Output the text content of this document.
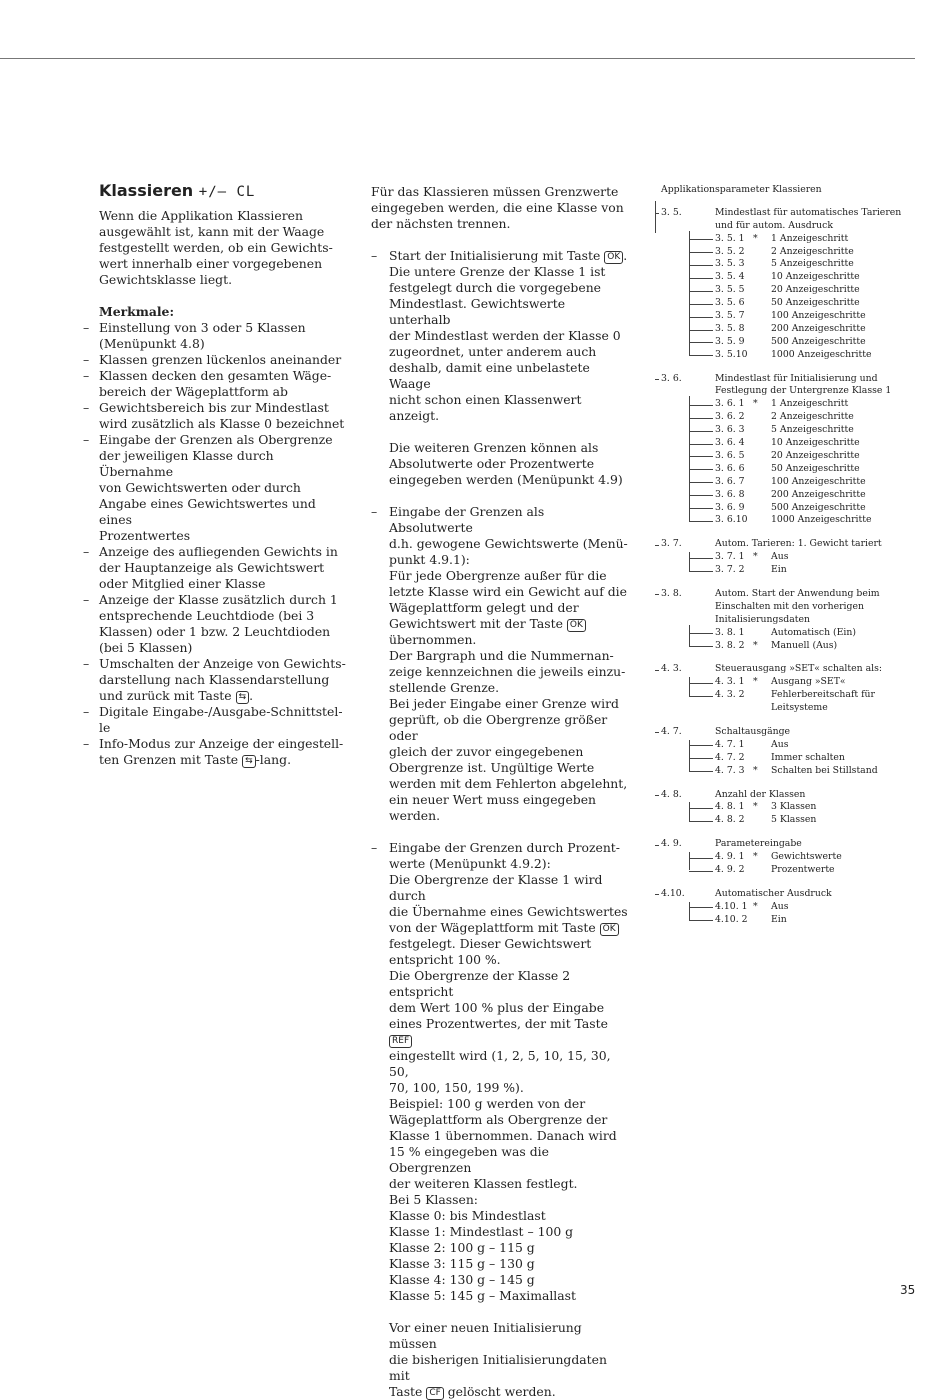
Klassieren +∕– CL
Wenn die Applikation Klassieren
ausgewählt ist, kann mit der Waage
festgestellt werden, ob ein Gewichts-
wert innerhalb einer vorgegebenen
Gewichtsklasse liegt.
Merkmale:
– Einstellung von 3 oder 5 Klassen
(Menüpunkt 4.8)
– Klassen grenzen lückenlos aneinander
– Klassen decken den gesamten Wäge-
bereich der Wägeplattform ab
– Gewichtsbereich bis zur Mindestlast
wird zusätzlich als Klasse 0 bezeichnet
– Eingabe der Grenzen als Obergrenze
der jeweiligen Klasse durch Übernahme
von Gewichtswerten oder durch
Angabe eines Gewichtswertes und eines
Prozentwertes
– Anzeige des aufliegenden Gewichts in
der Hauptanzeige als Gewichtswert
oder Mitglied einer Klasse
– Anzeige der Klasse zusätzlich durch 1
entsprechende Leuchtdiode (bei 3
Klassen) oder 1 bzw. 2 Leuchtdioden
(bei 5 Klassen)
– Umschalten der Anzeige von Gewichts-
darstellung nach Klassendarstellung
und zurück mit Taste ⇆ .
– Digitale Eingabe-/Ausgabe-Schnittstel-
le
– Info-Modus zur Anzeige der eingestell-
ten Grenzen mit Taste ⇆ -lang.
Für das Klassieren müssen Grenzwerte
eingegeben werden, die eine Klasse von
der nächsten trennen.
– Start der Initialisierung mit Taste OK .
Die untere Grenze der Klasse 1 ist
festgelegt durch die vorgegebene
Mindestlast. Gewichtswerte unterhalb
der Mindestlast werden der Klasse 0
zugeordnet, unter anderem auch
deshalb, damit eine unbelastete Waage
nicht schon einen Klassenwert anzeigt.
Die weiteren Grenzen können als
Absolutwerte oder Prozentwerte
eingegeben werden (Menüpunkt 4.9)
– Eingabe der Grenzen als Absolutwerte
d.h. gewogene Gewichtswerte (Menü-
punkt 4.9.1):
Für jede Obergrenze außer für die
letzte Klasse wird ein Gewicht auf die
Wägeplattform gelegt und der
Gewichtswert mit der Taste OK
übernommen.
Der Bargraph und die Nummernan-
zeige kennzeichnen die jeweils einzu-
stellende Grenze.
Bei jeder Eingabe einer Grenze wird
geprüft, ob die Obergrenze größer oder
gleich der zuvor eingegebenen
Obergrenze ist. Ungültige Werte
werden mit dem Fehlerton abgelehnt,
ein neuer Wert muss eingegeben
werden.
– Eingabe der Grenzen durch Prozent-
werte (Menüpunkt 4.9.2):
Die Obergrenze der Klasse 1 wird durch
die Übernahme eines Gewichtswertes
von der Wägeplattform mit Taste OK
festgelegt. Dieser Gewichtswert
entspricht 100 %.
Die Obergrenze der Klasse 2 entspricht
dem Wert 100 % plus der Eingabe
eines Prozentwertes, der mit Taste REF
eingestellt wird (1, 2, 5, 10, 15, 30, 50,
70, 100, 150, 199 %).
Beispiel: 100 g werden von der
Wägeplattform als Obergrenze der
Klasse 1 übernommen. Danach wird
15 % eingegeben was die Obergrenzen
der weiteren Klassen festlegt.
Bei 5 Klassen:
Klasse 0: bis Mindestlast
Klasse 1: Mindestlast – 100 g
Klasse 2: 100 g – 115 g
Klasse 3: 115 g – 130 g
Klasse 4: 130 g – 145 g
Klasse 5: 145 g – Maximallast
Vor einer neuen Initialisierung müssen
die bisherigen Initialisierungdaten mit
Taste CF gelöscht werden.
Applikationsparameter Klassieren
3. 5.	Mindestlast für automatisches Tarieren
und für autom. Ausdruck
3. 5. 1 * 1 Anzeigeschritt
3. 5. 2	2 Anzeigeschritte
3. 5. 3	5 Anzeigeschritte
3. 5. 4	10 Anzeigeschritte
3. 5. 5	20 Anzeigeschritte
3. 5. 6	50 Anzeigeschritte
3. 5. 7	100 Anzeigeschritte
3. 5. 8	200 Anzeigeschritte
3. 5. 9	500 Anzeigeschritte
3. 5.10	1000 Anzeigeschritte
3. 6.	Mindestlast für Initialisierung und
Festlegung der Untergrenze Klasse 1
3. 6. 1 * 1 Anzeigeschritt
3. 6. 2	2 Anzeigeschritte
3. 6. 3	5 Anzeigeschritte
3. 6. 4	10 Anzeigeschritte
3. 6. 5	20 Anzeigeschritte
3. 6. 6	50 Anzeigeschritte
3. 6. 7	100 Anzeigeschritte
3. 6. 8	200 Anzeigeschritte
3. 6. 9	500 Anzeigeschritte
3. 6.10	1000 Anzeigeschritte
3. 7.	Autom. Tarieren: 1. Gewicht tariert
3. 7. 1 * Aus
3. 7. 2	Ein
3. 8.	Autom. Start der Anwendung beim
Einschalten mit den vorherigen
Initalisierungsdaten
3. 8. 1	Automatisch (Ein)
3. 8. 2 * Manuell (Aus)
4. 3.	Steuerausgang »SET« schalten als:
4. 3. 1 * Ausgang »SET«
4. 3. 2	Fehlerbereitschaft für
Leitsysteme
4. 7.	Schaltausgänge
4. 7. 1	Aus
4. 7. 2	Immer schalten
4. 7. 3 * Schalten bei Stillstand
4. 8.	Anzahl der Klassen
4. 8. 1 * 3 Klassen
4. 8. 2	5 Klassen
4. 9.	Parametereingabe
4. 9. 1 * Gewichtswerte
4. 9. 2	Prozentwerte
4.10.	Automatischer Ausdruck
4.10. 1 * Aus
4.10. 2	Ein
35
